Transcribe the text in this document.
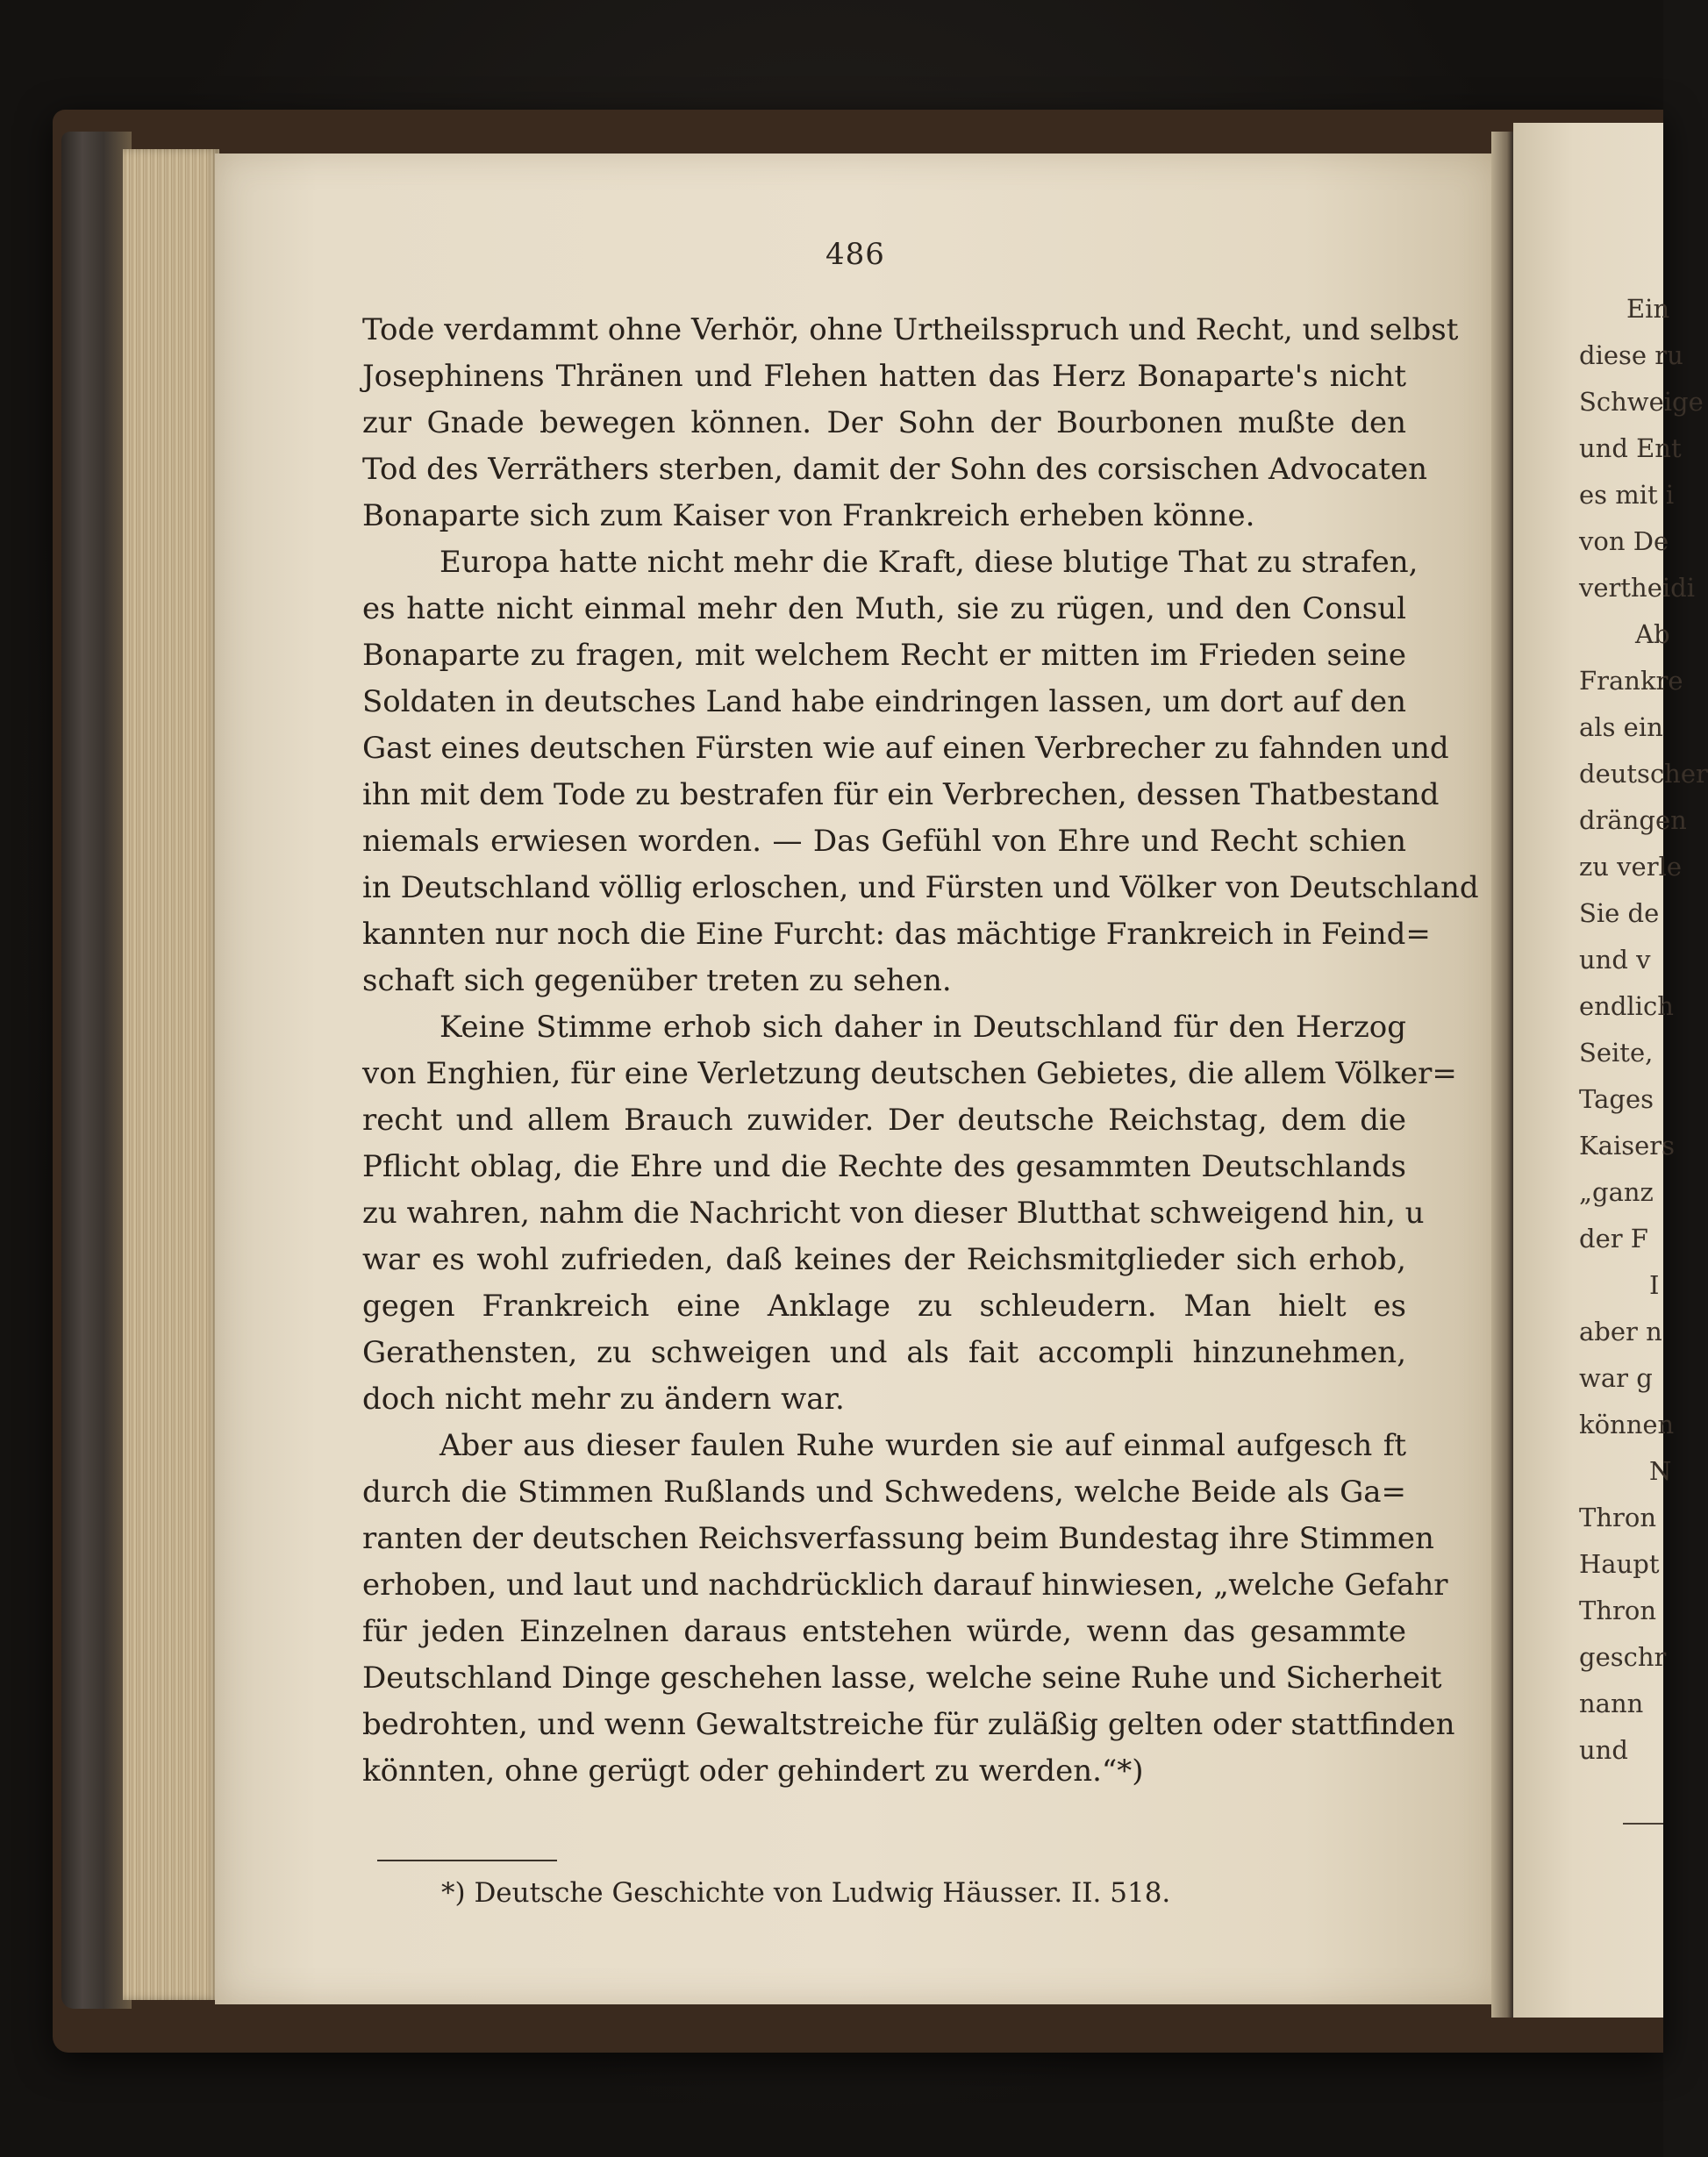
486
Tode verdammt ohne Verhör, ohne Urtheilsspruch und Recht, und selbst
Josephinens Thränen und Flehen hatten das Herz Bonaparte's nicht
zur Gnade bewegen können. Der Sohn der Bourbonen mußte den
Tod des Verräthers sterben, damit der Sohn des corsischen Advocaten
Bonaparte sich zum Kaiser von Frankreich erheben könne.
Europa hatte nicht mehr die Kraft, diese blutige That zu strafen,
es hatte nicht einmal mehr den Muth, sie zu rügen, und den Consul
Bonaparte zu fragen, mit welchem Recht er mitten im Frieden seine
Soldaten in deutsches Land habe eindringen lassen, um dort auf den
Gast eines deutschen Fürsten wie auf einen Verbrecher zu fahnden und
ihn mit dem Tode zu bestrafen für ein Verbrechen, dessen Thatbestand
niemals erwiesen worden. — Das Gefühl von Ehre und Recht schien
in Deutschland völlig erloschen, und Fürsten und Völker von Deutschland
kannten nur noch die Eine Furcht: das mächtige Frankreich in Feind=
schaft sich gegenüber treten zu sehen.
Keine Stimme erhob sich daher in Deutschland für den Herzog
von Enghien, für eine Verletzung deutschen Gebietes, die allem Völker=
recht und allem Brauch zuwider. Der deutsche Reichstag, dem die
Pflicht oblag, die Ehre und die Rechte des gesammten Deutschlands
zu wahren, nahm die Nachricht von dieser Blutthat schweigend hin, u
war es wohl zufrieden, daß keines der Reichsmitglieder sich erhob,
gegen Frankreich eine Anklage zu schleudern. Man hielt es
Gerathensten, zu schweigen und als fait accompli hinzunehmen,
doch nicht mehr zu ändern war.
Aber aus dieser faulen Ruhe wurden sie auf einmal aufgesch ft
durch die Stimmen Rußlands und Schwedens, welche Beide als Ga=
ranten der deutschen Reichsverfassung beim Bundestag ihre Stimmen
erhoben, und laut und nachdrücklich darauf hinwiesen, „welche Gefahr
für jeden Einzelnen daraus entstehen würde, wenn das gesammte
Deutschland Dinge geschehen lasse, welche seine Ruhe und Sicherheit
bedrohten, und wenn Gewaltstreiche für zuläßig gelten oder stattfinden
könnten, ohne gerügt oder gehindert zu werden.“*)
*) Deutsche Geschichte von Ludwig Häusser. II. 518.
Ein
diese ru
Schweige
und Ent
es mit i
von De
vertheidi
Ab
Frankre
als ein
deutscher
drängen
zu verle
Sie de
und v
endlich
Seite,
Tages
Kaisers
„ganz
der F
I
aber n
war g
können
N
Thron
Haupt
Thron
geschr
nann
und
